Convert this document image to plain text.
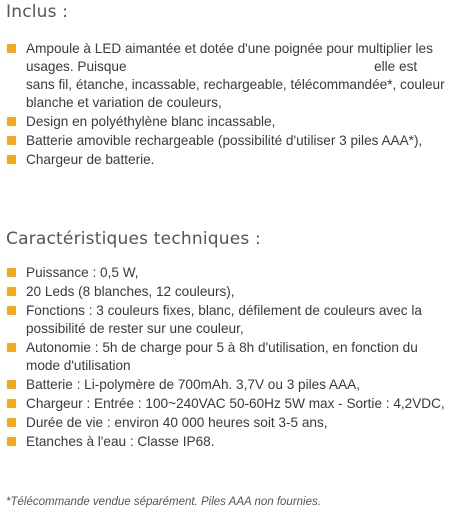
Inclus :
Ampoule à LED aimantée et dotée d'une poignée pour multiplier les usages. Puisque	elle est sans fil, étanche, incassable, rechargeable, télécommandée*, couleur blanche et variation de couleurs,
Design en polyéthylène blanc incassable,
Batterie amovible rechargeable (possibilité d'utiliser 3 piles AAA*),
Chargeur de batterie.
Caractéristiques techniques :
Puissance : 0,5 W,
20 Leds (8 blanches, 12 couleurs),
Fonctions : 3 couleurs fixes, blanc, défilement de couleurs avec la possibilité de rester sur une couleur,
Autonomie : 5h de charge pour 5 à 8h d'utilisation, en fonction du mode d'utilisation
Batterie : Li-polymère de 700mAh. 3,7V ou 3 piles AAA,
Chargeur : Entrée : 100~240VAC 50-60Hz 5W max - Sortie : 4,2VDC,
Durée de vie : environ 40 000 heures soit 3-5 ans,
Etanches à l'eau : Classe IP68.

*Télécommande vendue séparément. Piles AAA non fournies.
